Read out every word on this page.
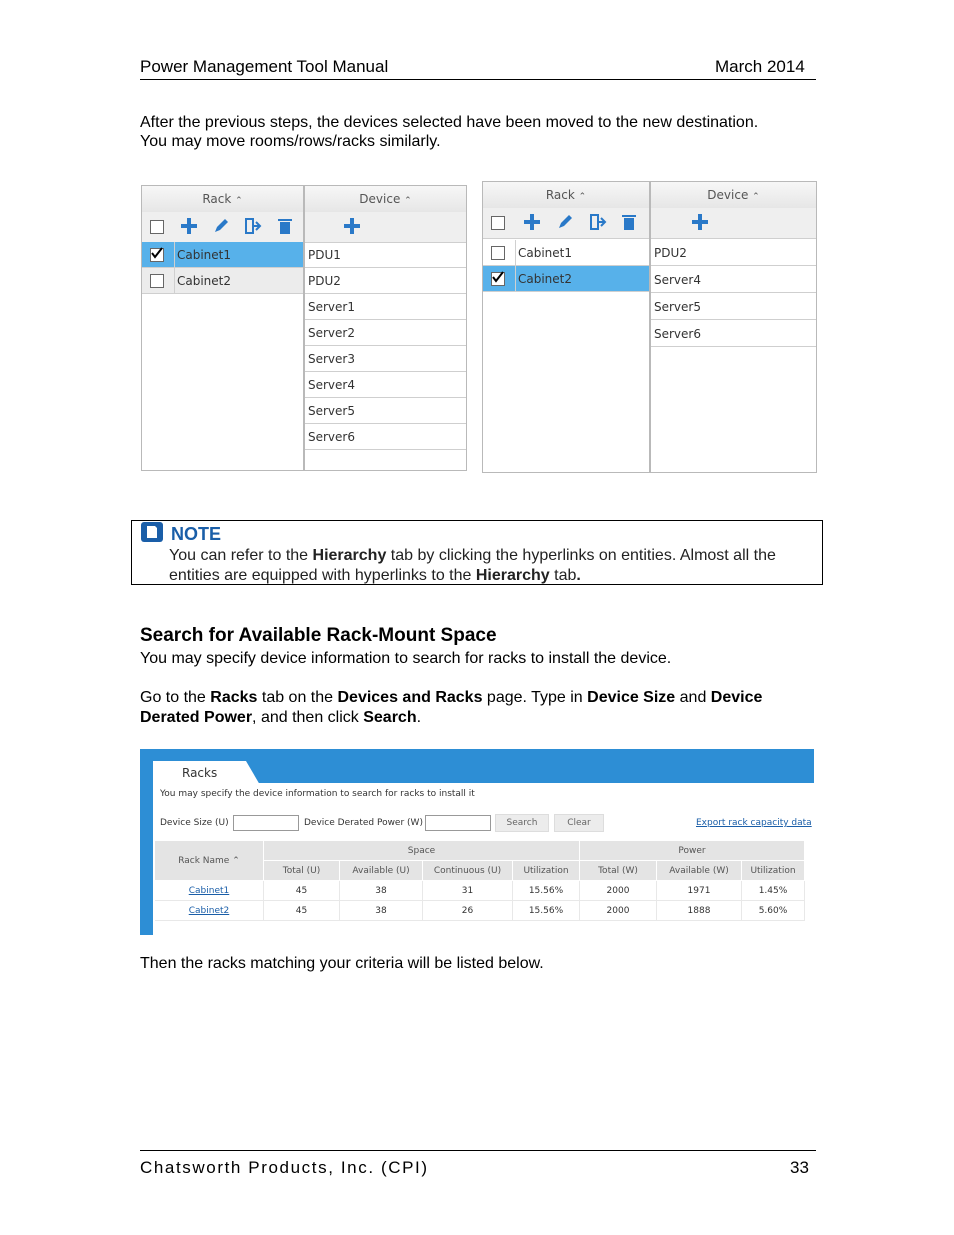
Power Management Tool Manual	March 2014
After the previous steps, the devices selected have been moved to the new destination.
You may move rooms/rows/racks similarly.
Rack ⌃
Cabinet1
Cabinet2
Device ⌃
PDU1
PDU2
Server1
Server2
Server3
Server4
Server5
Server6
Rack ⌃
Cabinet1
Cabinet2
Device ⌃
PDU2
Server4
Server5
Server6
NOTE
You can refer to the Hierarchy tab by clicking the hyperlinks on entities. Almost all the entities are equipped with hyperlinks to the Hierarchy tab.
Search for Available Rack-Mount Space
You may specify device information to search for racks to install the device.
Go to the Racks tab on the Devices and Racks page. Type in Device Size and Device Derated Power, and then click Search.
Racks
You may specify the device information to search for racks to install it
Device Size (U)	Device Derated Power (W)	Search	Clear	Export rack capacity data
Rack Name ⌃	Space				Power		
	Total (U)	Available (U)	Continuous (U)	Utilization	Total (W)	Available (W)	Utilization
Cabinet1	45	38	31	15.56%	2000	1971	1.45%
Cabinet2	45	38	26	15.56%	2000	1888	5.60%
Then the racks matching your criteria will be listed below.
Chatsworth Products, Inc. (CPI)	33
